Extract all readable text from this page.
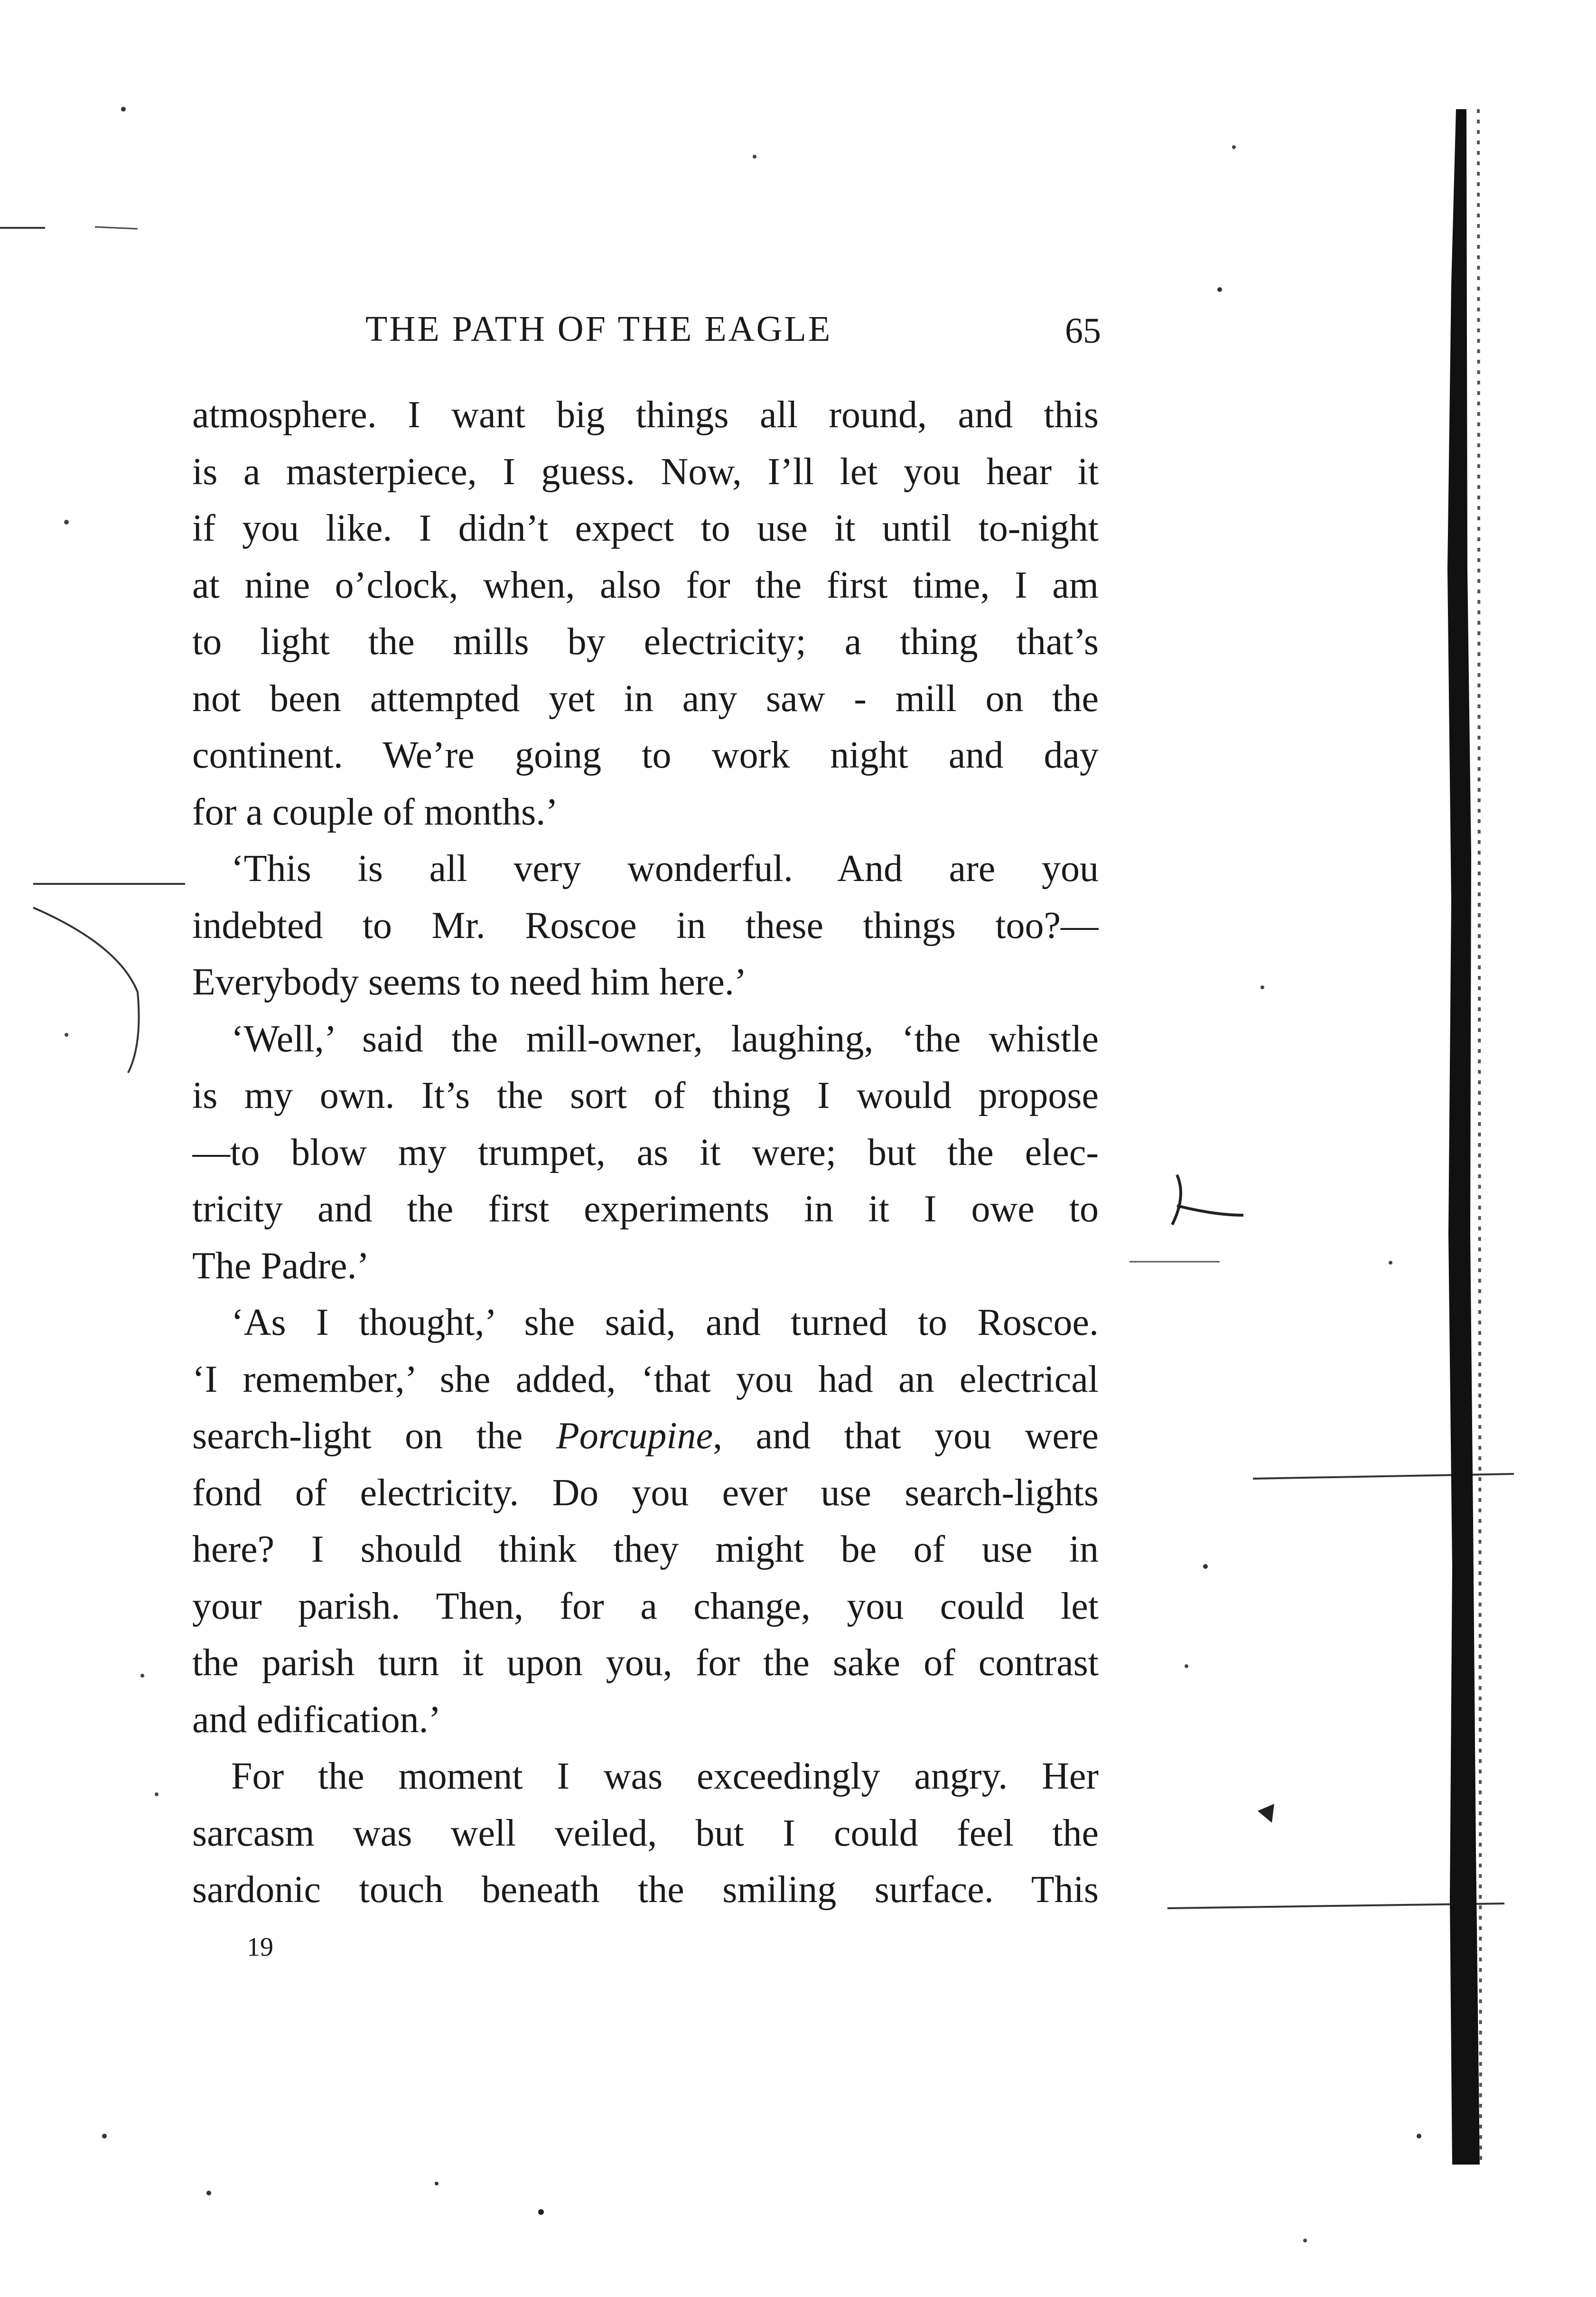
THE PATH OF THE EAGLE	65
atmosphere. I want big things all round, and this
is a masterpiece, I guess. Now, I’ll let you hear it
if you like. I didn’t expect to use it until to-night
at nine o’clock, when, also for the first time, I am
to light the mills by electricity; a thing that’s
not been attempted yet in any saw - mill on the
continent. We’re going to work night and day
for a couple of months.’
‘This is all very wonderful. And are you
indebted to Mr. Roscoe in these things too?—
Everybody seems to need him here.’
‘Well,’ said the mill-owner, laughing, ‘the whistle
is my own. It’s the sort of thing I would propose
—to blow my trumpet, as it were; but the elec-
tricity and the first experiments in it I owe to
The Padre.’
‘As I thought,’ she said, and turned to Roscoe.
‘I remember,’ she added, ‘that you had an electrical
search-light on the Porcupine, and that you were
fond of electricity. Do you ever use search-lights
here? I should think they might be of use in
your parish. Then, for a change, you could let
the parish turn it upon you, for the sake of contrast
and edification.’
For the moment I was exceedingly angry. Her
sarcasm was well veiled, but I could feel the
sardonic touch beneath the smiling surface. This
19
